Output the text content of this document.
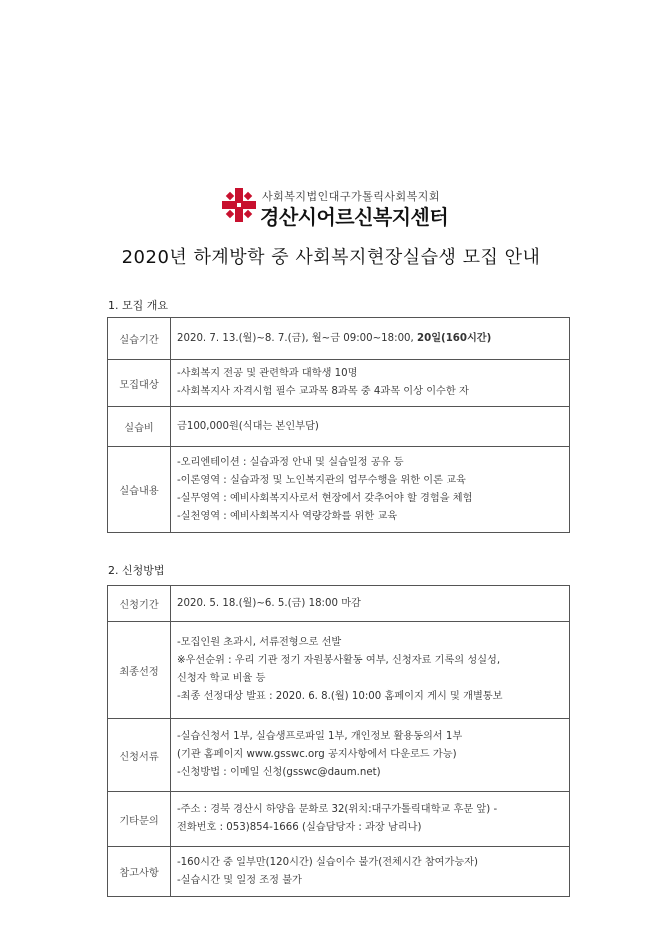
사회복지법인대구가톨릭사회복지회
경산시어르신복지센터
2020년 하계방학 중 사회복지현장실습생 모집 안내
1. 모집 개요
실습기간	2020. 7. 13.(월)~8. 7.(금), 월~금 09:00~18:00, 20일(160시간)
모집대상	-사회복지 전공 및 관련학과 대학생 10명
-사회복지사 자격시험 필수 교과목 8과목 중 4과목 이상 이수한 자

실습비	금100,000원(식대는 본인부담)

실습내용	-오리엔테이션 : 실습과정 안내 및 실습일정 공유 등
-이론영역 : 실습과정 및 노인복지관의 업무수행을 위한 이론 교육
-실무영역 : 예비사회복지사로서 현장에서 갖추어야 할 경험을 체험
-실천영역 : 예비사회복지사 역량강화를 위한 교육
2. 신청방법
신청기간	2020. 5. 18.(월)~6. 5.(금) 18:00 마감

최종선정	-모집인원 초과시, 서류전형으로 선발
※우선순위 : 우리 기관 정기 자원봉사활동 여부, 신청자료 기록의 성실성,
신청자 학교 비율 등
-최종 선정대상 발표 : 2020. 6. 8.(월) 10:00 홈페이지 게시 및 개별통보

신청서류	-실습신청서 1부, 실습생프로파일 1부, 개인정보 활용동의서 1부
(기관 홈페이지 www.gsswc.org 공지사항에서 다운로드 가능)
-신청방법 : 이메일 신청(gsswc@daum.net)

기타문의	-주소 : 경북 경산시 하양읍 문화로 32(위치:대구가톨릭대학교 후문 앞) -
전화번호 : 053)854-1666 (실습담당자 : 과장 남리나)

참고사항	-160시간 중 일부만(120시간) 실습이수 불가(전체시간 참여가능자)
-실습시간 및 일정 조정 불가
